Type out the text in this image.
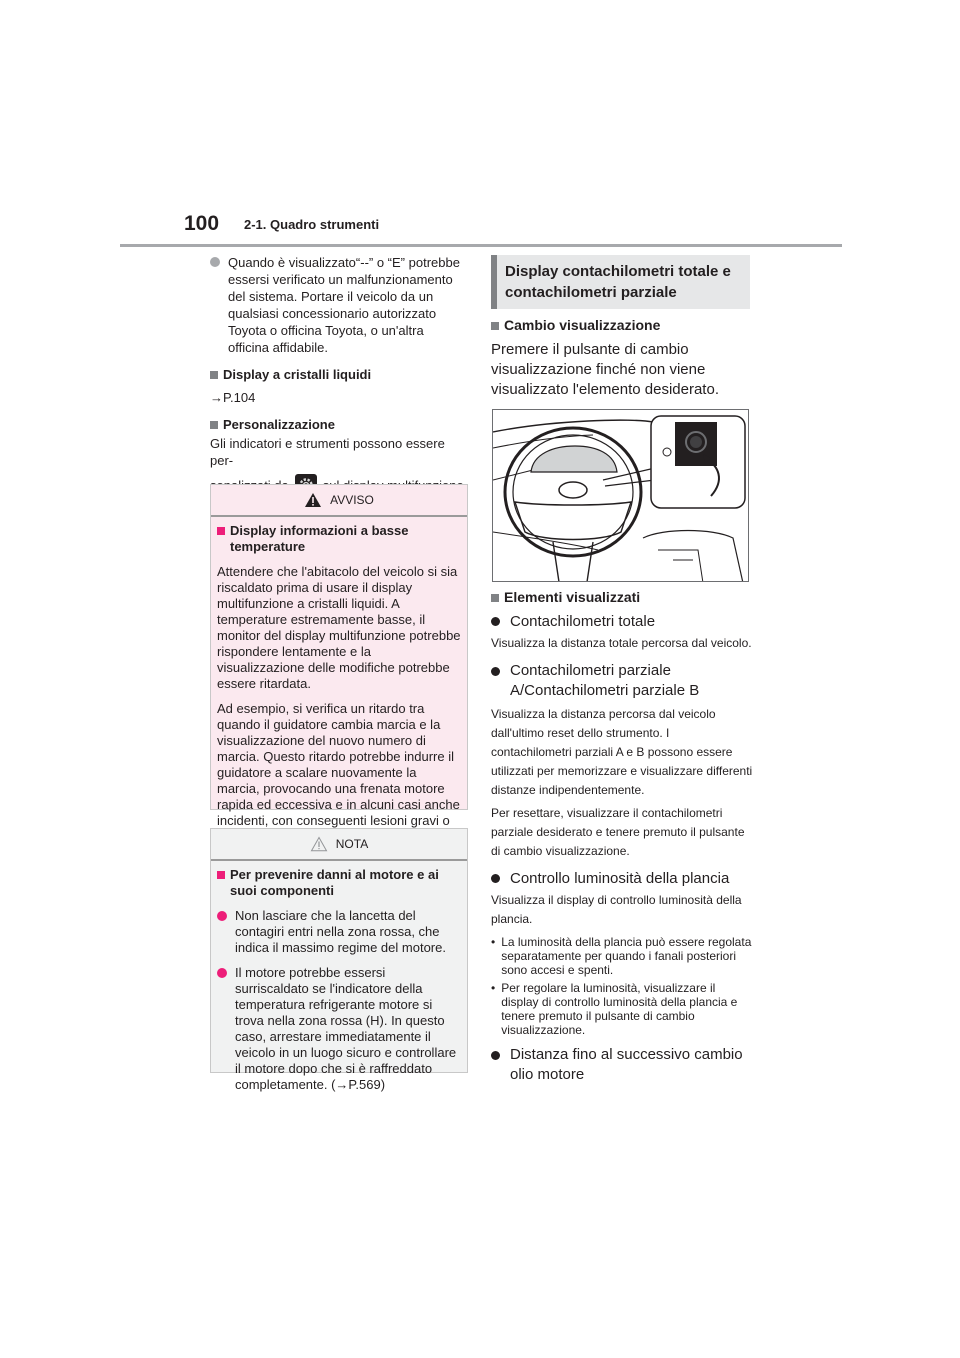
100 2-1. Quadro strumenti
Quando è visualizzato“--” o “E” potrebbe essersi verificato un malfunzionamento del sistema. Portare il veicolo da un qualsiasi concessionario autorizzato Toyota o officina Toyota, o un'altra officina affidabile.
Display a cristalli liquidi
→P.104
Personalizzazione
Gli indicatori e strumenti possono essere per-
AVVISO

Display informazioni a basse temperature

Attendere che l'abitacolo del veicolo si sia riscaldato prima di usare il display multifunzione a cristalli liquidi. A temperature estremamente basse, il monitor del display multifunzione potrebbe rispondere lentamente e la visualizzazione delle modifiche potrebbe essere ritardata.

Ad esempio, si verifica un ritardo tra quando il guidatore cambia marcia e la visualizzazione del nuovo numero di marcia. Questo ritardo potrebbe indurre il guidatore a scalare nuovamente la marcia, provocando una frenata motore rapida ed eccessiva e in alcuni casi anche incidenti, con conseguenti lesioni gravi o

NOTA

Per prevenire danni al motore e ai suoi componenti

Non lasciare che la lancetta del contagiri entri nella zona rossa, che indica il massimo regime del motore.
Il motore potrebbe essersi surriscaldato se l'indicatore della temperatura refrigerante motore si trova nella zona rossa (H). In questo caso, arrestare immediatamente il veicolo in un luogo sicuro e controllare il motore dopo che si è raffreddato completamente. (→P.569)
Display contachilometri totale e contachilometri parziale
Cambio visualizzazione
Premere il pulsante di cambio visualizzazione finché non viene visualizzato l'elemento desiderato.
Elementi visualizzati
Contachilometri totale
Visualizza la distanza totale percorsa dal veicolo.
Contachilometri parziale A/Contachilometri parziale B
Visualizza la distanza percorsa dal veicolo dall'ultimo reset dello strumento. I contachilometri parziali A e B possono essere utilizzati per memorizzare e visualizzare differenti distanze indipendentemente.
Per resettare, visualizzare il contachilometri parziale desiderato e tenere premuto il pulsante di cambio visualizzazione.
Controllo luminosità della plancia
Visualizza il display di controllo luminosità della plancia.
• La luminosità della plancia può essere regolata separatamente per quando i fanali posteriori sono accesi e spenti.
• Per regolare la luminosità, visualizzare il display di controllo luminosità della plancia e tenere premuto il pulsante di cambio visualizzazione.
Distanza fino al successivo cambio olio motore
